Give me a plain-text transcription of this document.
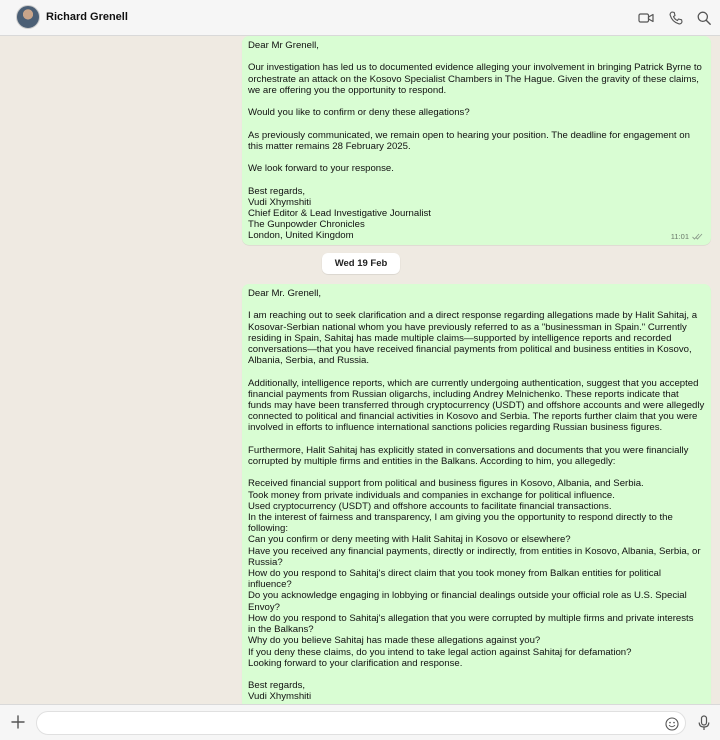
Richard Grenell

Dear Mr Grenell,

Our investigation has led us to documented evidence alleging your involvement in bringing Patrick Byrne to
orchestrate an attack on the Kosovo Specialist Chambers in The Hague. Given the gravity of these claims,
we are offering you the opportunity to respond.

Would you like to confirm or deny these allegations?

As previously communicated, we remain open to hearing your position. The deadline for engagement on
this matter remains 28 February 2025.

We look forward to your response.

Best regards,
Vudi Xhymshiti
Chief Editor & Lead Investigative Journalist
The Gunpowder Chronicles
London, United Kingdom	11:01
Wed 19 Feb

Dear Mr. Grenell,

I am reaching out to seek clarification and a direct response regarding allegations made by Halit Sahitaj, a
Kosovar-Serbian national whom you have previously referred to as a "businessman in Spain." Currently
residing in Spain, Sahitaj has made multiple claims—supported by intelligence reports and recorded
conversations—that you have received financial payments from political and business entities in Kosovo,
Albania, Serbia, and Russia.

Additionally, intelligence reports, which are currently undergoing authentication, suggest that you accepted
financial payments from Russian oligarchs, including Andrey Melnichenko. These reports indicate that
funds may have been transferred through cryptocurrency (USDT) and offshore accounts and were allegedly
connected to political and financial activities in Kosovo and Serbia. The reports further claim that you were
involved in efforts to influence international sanctions policies regarding Russian business figures.

Furthermore, Halit Sahitaj has explicitly stated in conversations and documents that you were financially
corrupted by multiple firms and entities in the Balkans. According to him, you allegedly:

Received financial support from political and business figures in Kosovo, Albania, and Serbia.
Took money from private individuals and companies in exchange for political influence.
Used cryptocurrency (USDT) and offshore accounts to facilitate financial transactions.
In the interest of fairness and transparency, I am giving you the opportunity to respond directly to the
following:
Can you confirm or deny meeting with Halit Sahitaj in Kosovo or elsewhere?
Have you received any financial payments, directly or indirectly, from entities in Kosovo, Albania, Serbia, or
Russia?
How do you respond to Sahitaj's direct claim that you took money from Balkan entities for political
influence?
Do you acknowledge engaging in lobbying or financial dealings outside your official role as U.S. Special
Envoy?
How do you respond to Sahitaj's allegation that you were corrupted by multiple firms and private interests
in the Balkans?
Why do you believe Sahitaj has made these allegations against you?
If you deny these claims, do you intend to take legal action against Sahitaj for defamation?
Looking forward to your clarification and response.

Best regards,
Vudi Xhymshiti
